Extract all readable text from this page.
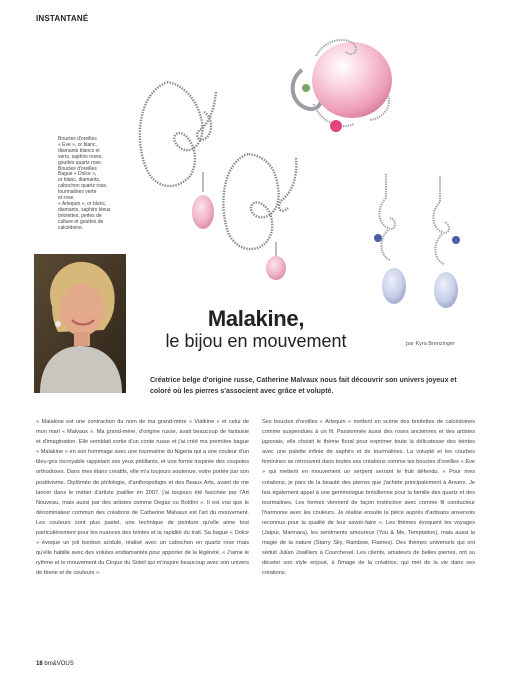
INSTANTANÉ

Boucles d'oreilles

« Eve », or blanc,

diamants blancs et

verts, saphirs roses,

gouttes quartz rose.

Boucles d'oreilles

Bague « Dolce »,

or blanc, diamants,

cabochon quartz rose,

tourmalines verte

et rose.

« Arlequin », or blanc,

diamants, saphirs bleus

briolettes, perles de

culture et gouttes de

calcédoine.

Malakine,
le bijou en mouvement	par Kyra Brenzinger
Créatrice belge d'origine russe, Catherine Malvaux nous fait découvrir son univers joyeux et coloré où les pierres s'associent avec grâce et volupté.

« Malakine est une contraction du nom de ma grand-mère « Viatkine » et celui de mon mari « Malvaux ». Ma grand-mère, d'origine russe, avait beaucoup de fantaisie et d'imagination. Elle semblait sortie d'un conte russe et j'ai créé ma première bague « Malakine » en son hommage avec une tourmaline du Nigeria qui a une couleur d'un bleu-gris incroyable rappelant ses yeux pétillants, et une forme inspirée des coupoles orthodoxes. Dans mes élans créatifs, elle m'a toujours soutenue, votre portée par son positivisme. Diplômée de philologie, d'anthropologie et des Beaux Arts, avant de me lancer dans le métier d'artiste joaillier en 2007, j'ai toujours été fascinée par l'Art Nouveau, mais aussi par des artistes comme Degas ou Boldini ». Il est vrai que le dénominateur commun des créations de Catherine Malvaux est l'art du mouvement. Les couleurs sont plus pastel, une technique de peinture qu'elle aime tout particulièrement pour les nuances des teintes et la rapidité du trait. Sa bague « Dolce » évoque un joli bonbon acidulé, réalisé avec un cabochon en quartz rose mais qu'elle habille avec des volutes endiamantés pour apporter de la légèreté. « J'aime le rythme et le mouvement du Cirque du Soleil qui m'inspire beaucoup avec son univers de féerie et de couleurs ».

Ses boucles d'oreilles « Arlequin » mettent en scène des briolettes de calcédoines comme suspendues à un fil. Passionnée aussi des roses anciennes et des artistes japonais, elle choisit le thème floral pour exprimer toute la délicatesse des teintes avec une palette infinie de saphirs et de tourmalines. La volupté et les courbes féminines se retrouvent dans toutes ses créations comme les boucles d'oreilles « Eve » qui mettent en mouvement un serpent serrant le fruit défendu. « Pour mes créations, je pars de la beauté des pierres que j'achète principalement à Anvers. Je fais également appel à une gemmologue brésilienne pour la famille des quartz et des tourmalines. Les formes viennent de façon instinctive avec comme fil conducteur l'harmonie avec les couleurs. Je réalise ensuite la pièce auprès d'artisans anversois reconnus pour la qualité de leur savoir-faire ». Les thèmes évoquent les voyages (Jaipur, Marmara), les sentiments amoureux (You & Me, Temptation), mais aussi la magie de la nature (Starry Sky, Rainbow, Flames). Des thèmes universels qui ont séduit Julian Joailliers à Courchevel. Les clients, amateurs de belles pierres, ont su déceler son style enjoué, à l'image de la créatrice, qui met de la vie dans ses créations.

18 bm&VOUS
